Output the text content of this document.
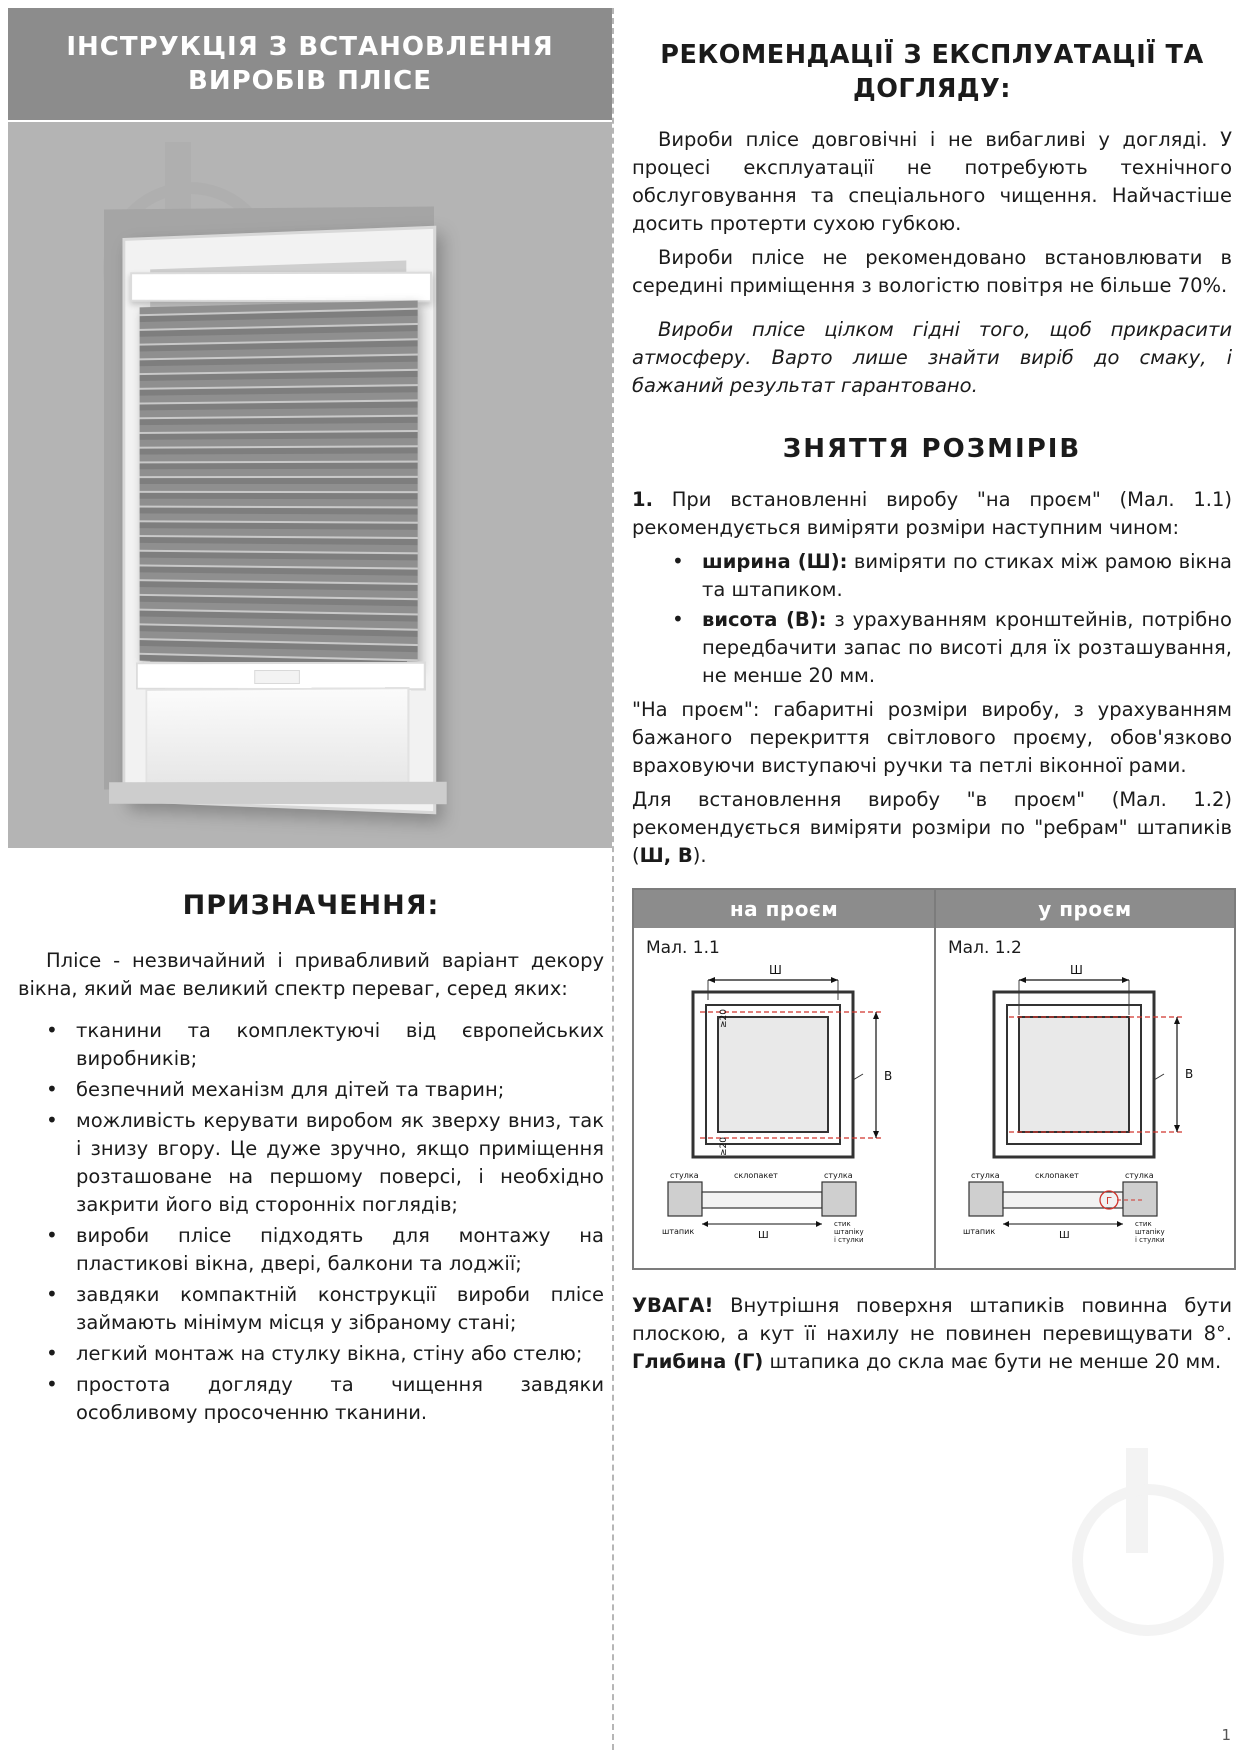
ІНСТРУКЦІЯ З ВСТАНОВЛЕННЯ ВИРОБІВ ПЛІСЕ
ПРИЗНАЧЕННЯ:

Пліcе - незвичайний і привабливий варіант декору вікна, який має великий спектр переваг, серед яких:

• тканини та комплектуючі від європейських виробників;
• безпечний механізм для дітей та тварин;
• можливість керувати виробом як зверху вниз, так і знизу вгору. Це дуже зручно, якщо приміщення розташоване на першому поверсі, і необхідно закрити його від сторонніх поглядів;
• вироби пліcе підходять для монтажу на пластикові вікна, двері, балкони та лоджії;
• завдяки компактній конструкції вироби пліcе займають мінімум місця у зібраному стані;
• легкий монтаж на стулку вікна, стіну або стелю;
• простота догляду та чищення завдяки особливому просоченню тканини.
РЕКОМЕНДАЦІЇ З ЕКСПЛУАТАЦІЇ ТА ДОГЛЯДУ:

Вироби пліcе довговічні і не вибагливі у догляді. У процесі експлуатації не потребують технічного обслуговування та спеціального чищення. Найчастіше досить протерти сухою губкою.

Вироби пліcе не рекомендовано встановлювати в середині приміщення з вологістю повітря не більше 70%.

Вироби пліcе цілком гідні того, щоб прикрасити атмосферу. Варто лише знайти виріб до смаку, і бажаний результат гарантовано.

ЗНЯТТЯ РОЗМІРІВ

1. При встановленні виробу "на проєм" (Мал. 1.1) рекомендується виміряти розміри наступним чином:

• ширина (Ш): виміряти по стиках між рамою вікна та штапиком.
• висота (В): з урахуванням кронштейнів, потрібно передбачити запас по висоті для їх розташування, не менше 20 мм.

"На проєм": габаритні розміри виробу, з урахуванням бажаного перекриття світлового проєму, обов'язково враховуючи виступаючі ручки та петлі віконної рами.

Для встановлення виробу "в проєм" (Мал. 1.2) рекомендується виміряти розміри по "ребрам" штапиків (Ш, В).

на проєм
Мал. 1.1
Ш
≥20
≥20
В
стулка	склопакет	стулка
Ш
штапик
стик
штапіку
і стулки
у проєм
Мал. 1.2
Ш
В
стулка	склопакет	стулка
Г
Ш
штапик
стик
штапіку
і стулки

УВАГА! Внутрішня поверхня штапиків повинна бути плоскою, а кут її нахилу не повинен перевищувати 8°. Глибина (Г) штапика до скла має бути не менше 20 мм.

1
